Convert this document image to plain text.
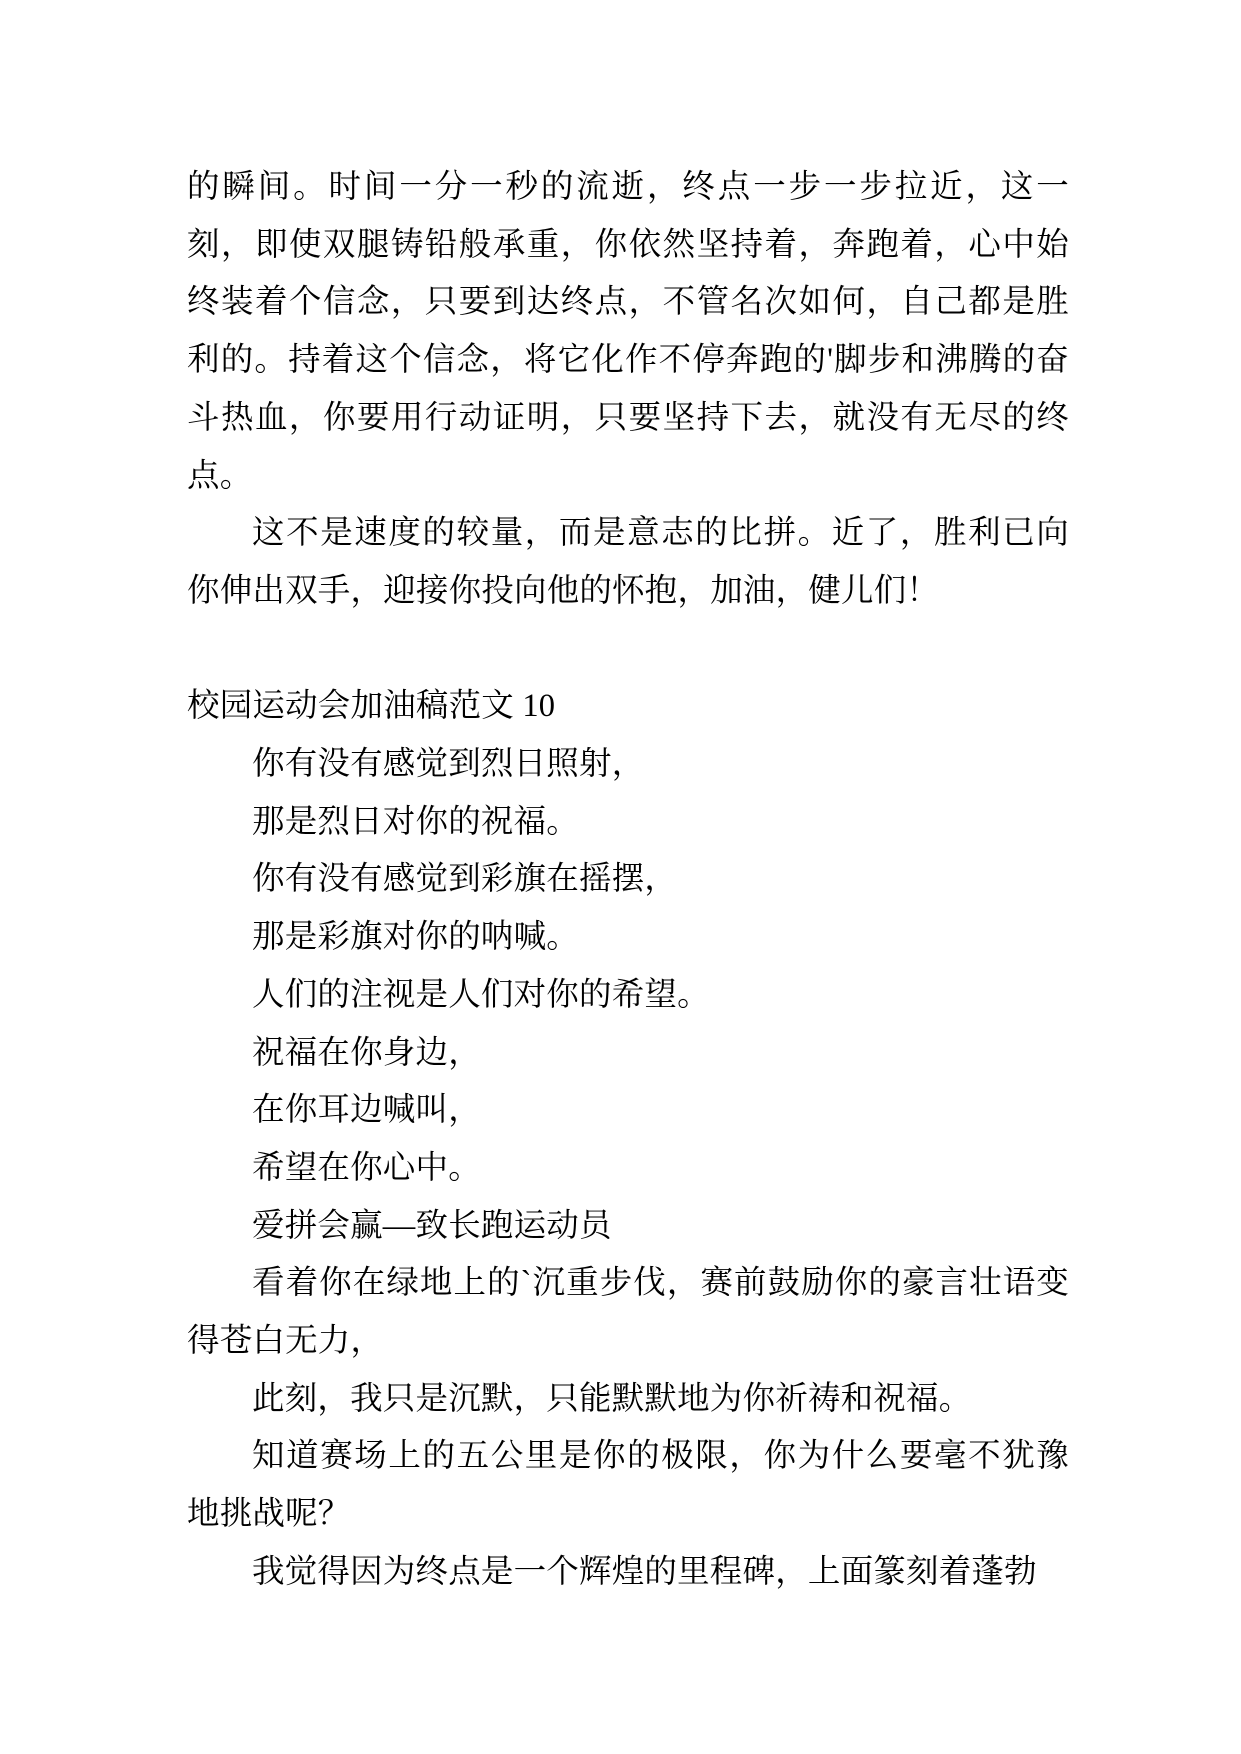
的瞬间。时间一分一秒的流逝，终点一步一步拉近，这一刻，即使双腿铸铅般承重，你依然坚持着，奔跑着，心中始终装着个信念，只要到达终点，不管名次如何，自己都是胜利的。持着这个信念，将它化作不停奔跑的'脚步和沸腾的奋斗热血，你要用行动证明，只要坚持下去，就没有无尽的终点。

这不是速度的较量，而是意志的比拼。近了，胜利已向你伸出双手，迎接你投向他的怀抱，加油，健儿们！

校园运动会加油稿范文 10

你有没有感觉到烈日照射，

那是烈日对你的祝福。

你有没有感觉到彩旗在摇摆，

那是彩旗对你的呐喊。

人们的注视是人们对你的希望。

祝福在你身边，

在你耳边喊叫，

希望在你心中。

爱拼会赢—致长跑运动员

看着你在绿地上的`沉重步伐，赛前鼓励你的豪言壮语变得苍白无力，

此刻，我只是沉默，只能默默地为你祈祷和祝福。

知道赛场上的五公里是你的极限，你为什么要毫不犹豫地挑战呢？

我觉得因为终点是一个辉煌的里程碑，上面篆刻着蓬勃
